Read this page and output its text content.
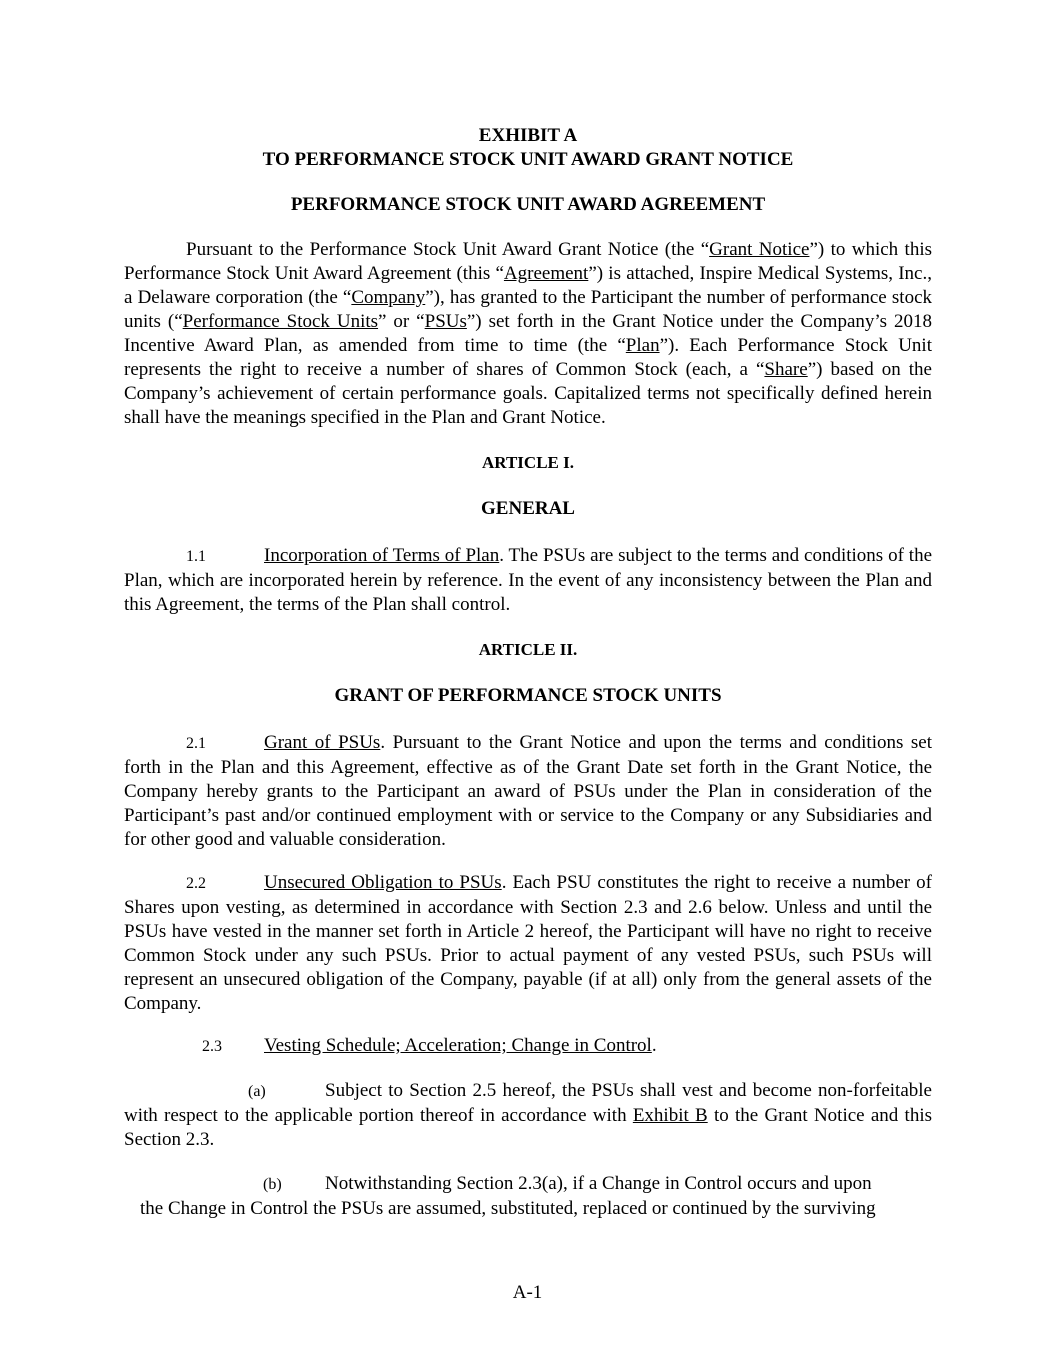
EXHIBIT A

TO PERFORMANCE STOCK UNIT AWARD GRANT NOTICE

PERFORMANCE STOCK UNIT AWARD AGREEMENT

Pursuant to the Performance Stock Unit Award Grant Notice (the “Grant Notice”) to which this Performance Stock Unit Award Agreement (this “Agreement”) is attached, Inspire Medical Systems, Inc., a Delaware corporation (the “Company”), has granted to the Participant the number of performance stock units (“Performance Stock Units” or “PSUs”) set forth in the Grant Notice under the Company’s 2018 Incentive Award Plan, as amended from time to time (the “Plan”). Each Performance Stock Unit represents the right to receive a number of shares of Common Stock (each, a “Share”) based on the Company’s achievement of certain performance goals. Capitalized terms not specifically defined herein shall have the meanings specified in the Plan and Grant Notice.

ARTICLE I.

GENERAL

1.1	Incorporation of Terms of Plan. The PSUs are subject to the terms and conditions of the Plan, which are incorporated herein by reference. In the event of any inconsistency between the Plan and this Agreement, the terms of the Plan shall control.

ARTICLE II.

GRANT OF PERFORMANCE STOCK UNITS

2.1	Grant of PSUs. Pursuant to the Grant Notice and upon the terms and conditions set forth in the Plan and this Agreement, effective as of the Grant Date set forth in the Grant Notice, the Company hereby grants to the Participant an award of PSUs under the Plan in consideration of the Participant’s past and/or continued employment with or service to the Company or any Subsidiaries and for other good and valuable consideration.

2.2	Unsecured Obligation to PSUs. Each PSU constitutes the right to receive a number of Shares upon vesting, as determined in accordance with Section 2.3 and 2.6 below. Unless and until the PSUs have vested in the manner set forth in Article 2 hereof, the Participant will have no right to receive Common Stock under any such PSUs. Prior to actual payment of any vested PSUs, such PSUs will represent an unsecured obligation of the Company, payable (if at all) only from the general assets of the Company.

2.3 Vesting Schedule; Acceleration; Change in Control.

(a)	Subject to Section 2.5 hereof, the PSUs shall vest and become non-forfeitable with respect to the applicable portion thereof in accordance with Exhibit B to the Grant Notice and this Section 2.3.

(b) Notwithstanding Section 2.3(a), if a Change in Control occurs and upon

the Change in Control the PSUs are assumed, substituted, replaced or continued by the surviving

A-1
